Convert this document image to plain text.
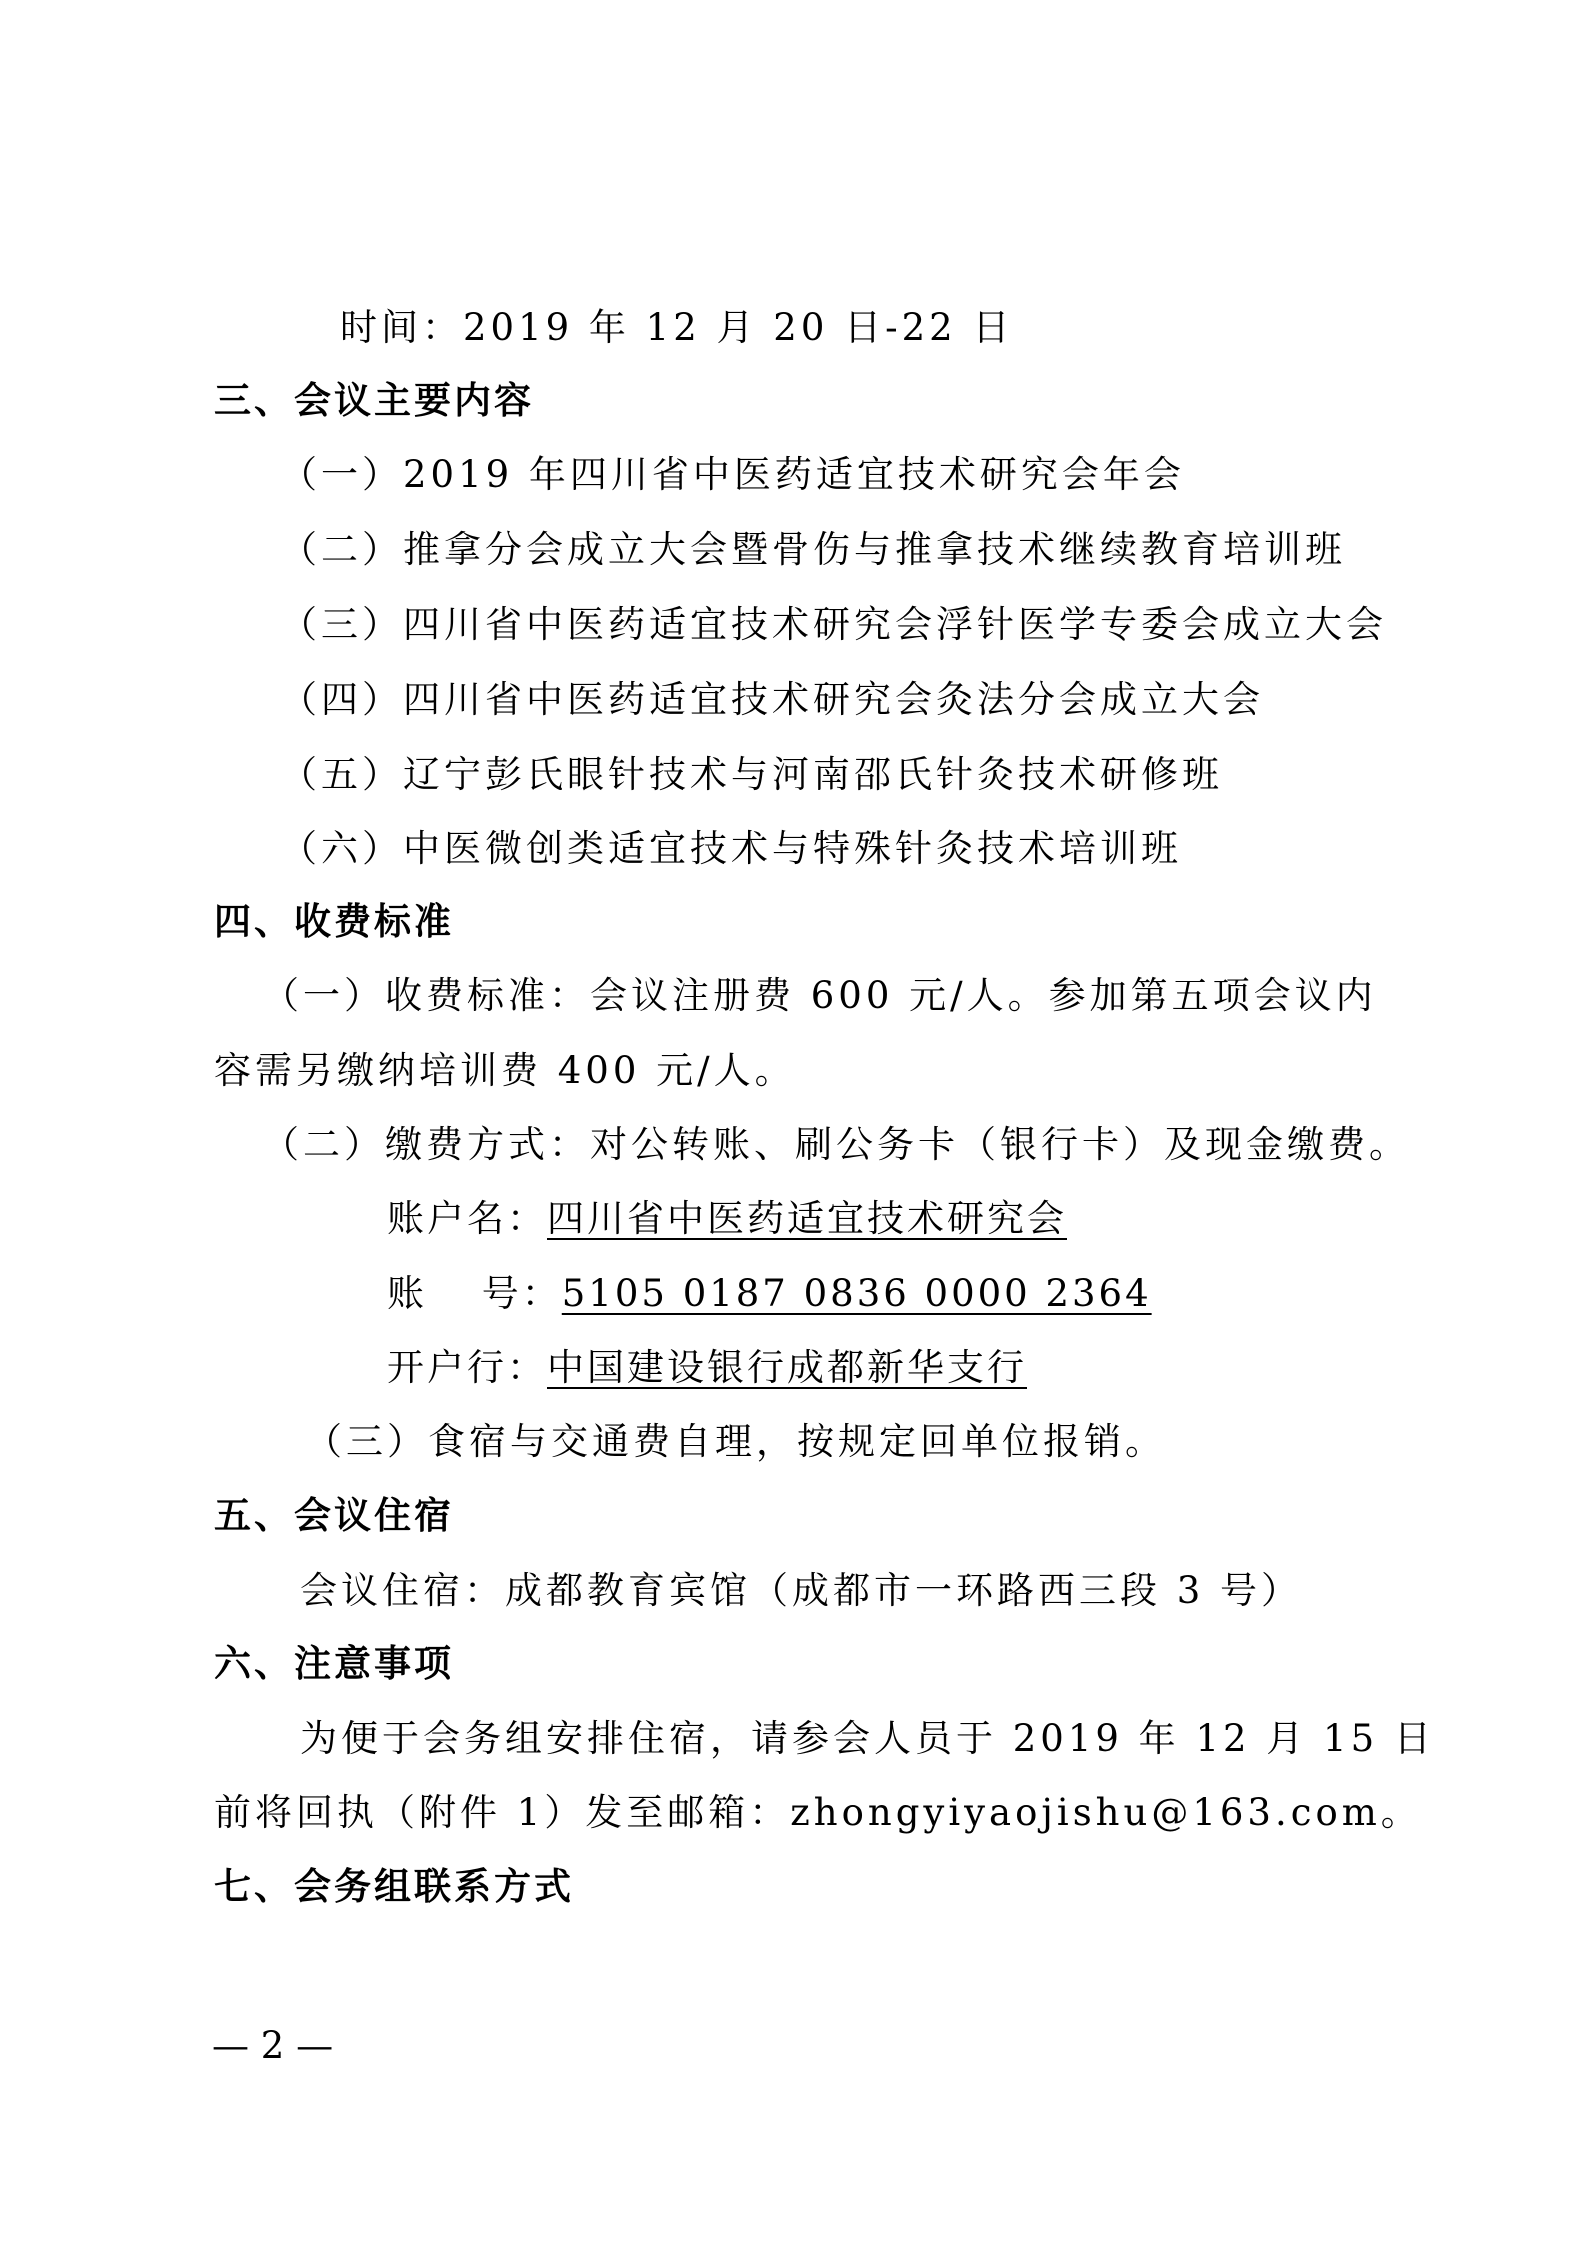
时间：2019 年 12 月 20 日-22 日
三、会议主要内容
（一）2019 年四川省中医药适宜技术研究会年会
（二）推拿分会成立大会暨骨伤与推拿技术继续教育培训班
（三）四川省中医药适宜技术研究会浮针医学专委会成立大会
（四）四川省中医药适宜技术研究会灸法分会成立大会
（五）辽宁彭氏眼针技术与河南邵氏针灸技术研修班
（六）中医微创类适宜技术与特殊针灸技术培训班
四、收费标准
（一）收费标准：会议注册费 600 元/人。参加第五项会议内
容需另缴纳培训费 400 元/人。
（二）缴费方式：对公转账、刷公务卡（银行卡）及现金缴费。
账户名：四川省中医药适宜技术研究会
账　 号：5105 0187 0836 0000 2364
开户行：中国建设银行成都新华支行
（三）食宿与交通费自理，按规定回单位报销。
五、会议住宿
会议住宿：成都教育宾馆（成都市一环路西三段 3 号）
六、注意事项
为便于会务组安排住宿，请参会人员于 2019 年 12 月 15 日
前将回执（附件 1）发至邮箱：zhongyiyaojishu@163.com。
七、会务组联系方式
— 2 —
